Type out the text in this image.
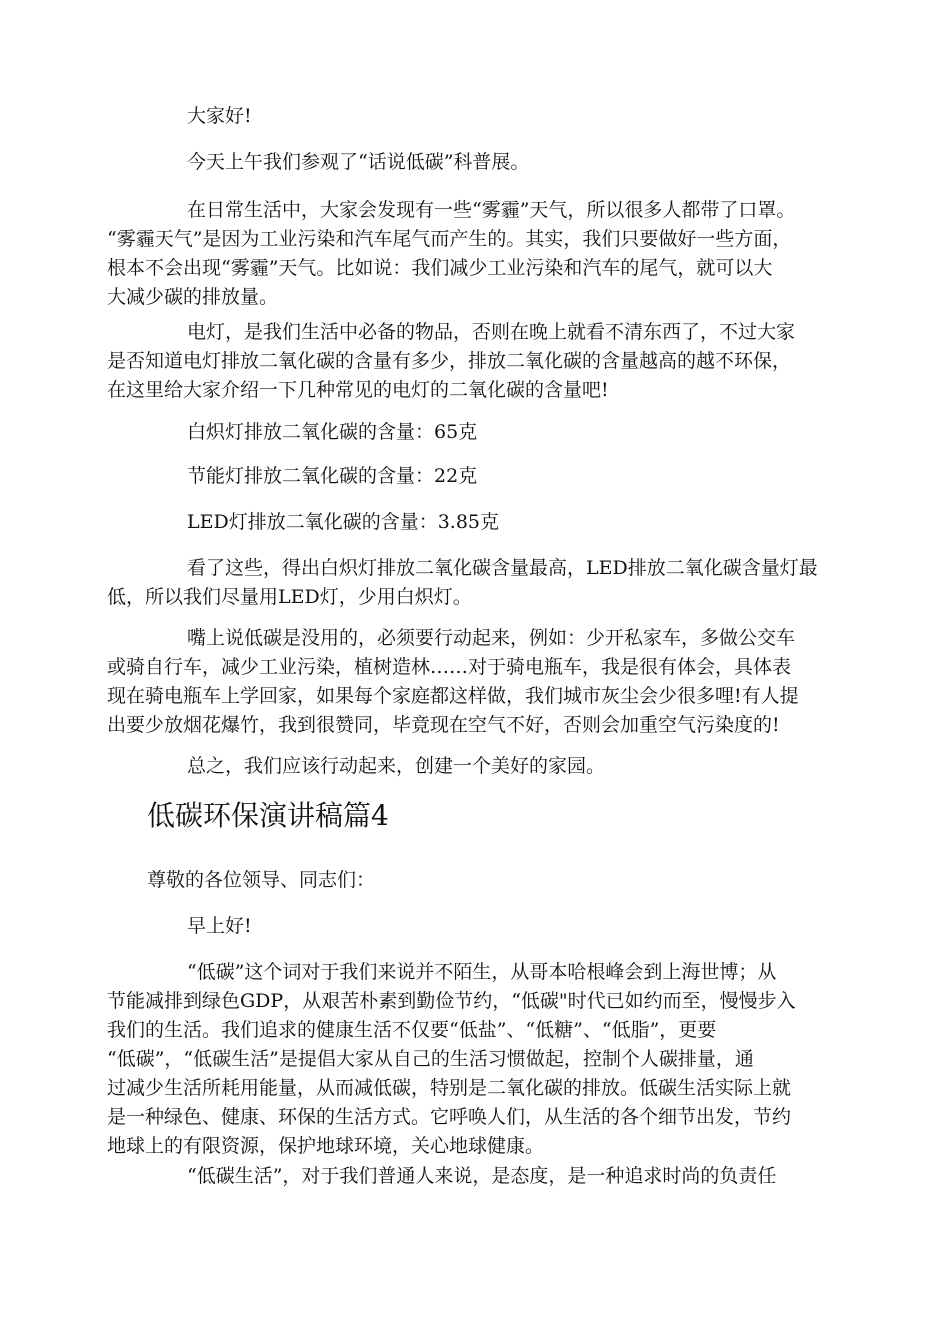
大家好!

今天上午我们参观了“话说低碳”科普展。

在日常生活中，大家会发现有一些“雾霾”天气，所以很多人都带了口罩。
“雾霾天气”是因为工业污染和汽车尾气而产生的。其实，我们只要做好一些方面，
根本不会出现“雾霾”天气。比如说：我们减少工业污染和汽车的尾气，就可以大
大减少碳的排放量。

电灯，是我们生活中必备的物品，否则在晚上就看不清东西了，不过大家
是否知道电灯排放二氧化碳的含量有多少，排放二氧化碳的含量越高的越不环保，
在这里给大家介绍一下几种常见的电灯的二氧化碳的含量吧!

白炽灯排放二氧化碳的含量：65克

节能灯排放二氧化碳的含量：22克

LED灯排放二氧化碳的含量：3.85克

看了这些，得出白炽灯排放二氧化碳含量最高，LED排放二氧化碳含量灯最
低，所以我们尽量用LED灯，少用白炽灯。

嘴上说低碳是没用的，必须要行动起来，例如：少开私家车，多做公交车
或骑自行车，减少工业污染，植树造林……对于骑电瓶车，我是很有体会，具体表
现在骑电瓶车上学回家，如果每个家庭都这样做，我们城市灰尘会少很多哩!有人提
出要少放烟花爆竹，我到很赞同，毕竟现在空气不好，否则会加重空气污染度的!

总之，我们应该行动起来，创建一个美好的家园。

低碳环保演讲稿篇4

尊敬的各位领导、同志们：

早上好!

“低碳”这个词对于我们来说并不陌生，从哥本哈根峰会到上海世博；从
节能减排到绿色GDP，从艰苦朴素到勤俭节约，“低碳"时代已如约而至，慢慢步入
我们的生活。我们追求的健康生活不仅要“低盐”、“低糖”、“低脂”，更要
“低碳”，“低碳生活”是提倡大家从自己的生活习惯做起，控制个人碳排量，通
过减少生活所耗用能量，从而减低碳，特别是二氧化碳的排放。低碳生活实际上就
是一种绿色、健康、环保的生活方式。它呼唤人们，从生活的各个细节出发，节约
地球上的有限资源，保护地球环境，关心地球健康。

“低碳生活”，对于我们普通人来说，是态度，是一种追求时尚的负责任
